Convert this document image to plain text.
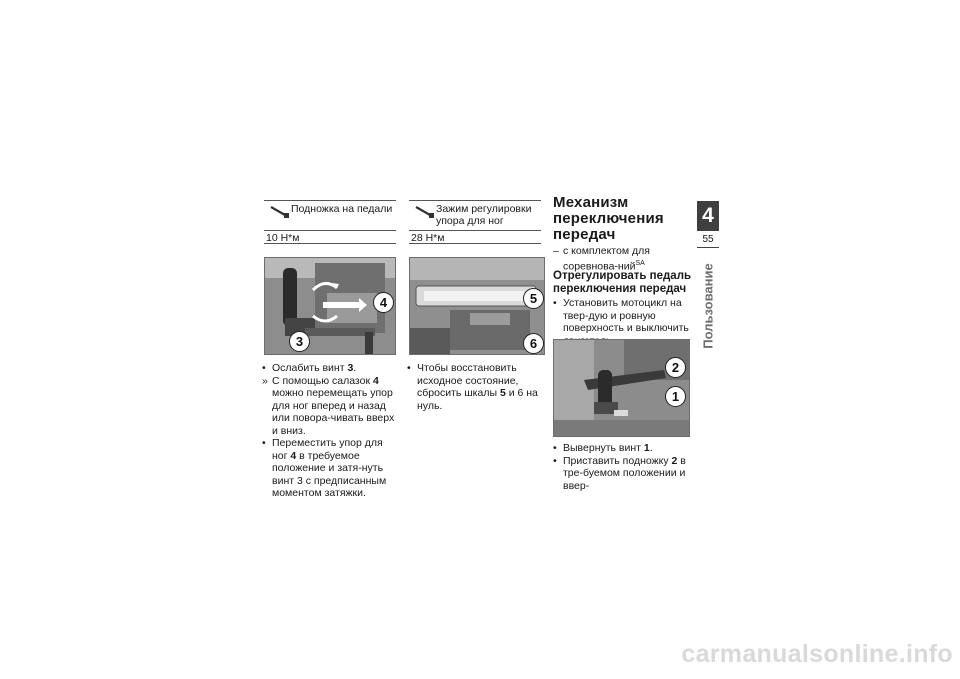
Подножка на педали
10 Н*м
Зажим регулировки упора для ног
28 Н*м
4
3
5
6
• Ослабить винт 3.
» С помощью салазок 4 можно перемещать упор для ног вперед и назад или повора-чивать вверх и вниз.
• Переместить упор для ног 4 в требуемое положение и затя-нуть винт 3 с предписанным моментом затяжки.
• Чтобы восстановить исходное состояние, сбросить шкалы 5 и 6 на нуль.
Механизм переключения передач
– с комплектом для соревнова-ний$^{SA}$
Отрегулировать педаль переключения передач
• Установить мотоцикл на твер-дую и ровную поверхность и выключить
2
1
• Вывернуть винт 1.
• Приставить подножку 2 в тре-буемом положении и ввер-
4
55
Пользование
carmanualsonline.info
